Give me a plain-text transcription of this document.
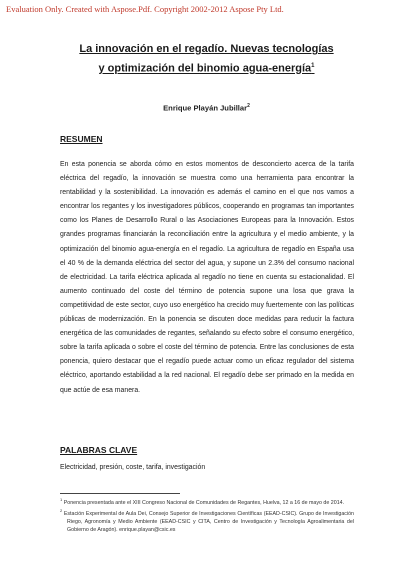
Evaluation Only. Created with Aspose.Pdf. Copyright 2002-2012 Aspose Pty Ltd.
La innovación en el regadío. Nuevas tecnologías
y optimización del binomio agua-energía$^1$
Enrique Playán Jubillar$^2$
RESUMEN

En esta ponencia se aborda cómo en estos momentos de desconcierto acerca de la tarifa eléctrica del regadío, la innovación se muestra como una herramienta para encontrar la rentabilidad y la sostenibilidad. La innovación es además el camino en el que nos vamos a encontrar los regantes y los investigadores públicos, cooperando en programas tan importantes como los Planes de Desarrollo Rural o las Asociaciones Europeas para la Innovación. Estos grandes programas financiarán la reconciliación entre la agricultura y el medio ambiente, y la optimización del binomio agua-energía en el regadío. La agricultura de regadío en España usa el 40 % de la demanda eléctrica del sector del agua, y supone un 2.3% del consumo nacional de electricidad. La tarifa eléctrica aplicada al regadío no tiene en cuenta su estacionalidad. El aumento continuado del coste del término de potencia supone una losa que grava la competitividad de este sector, cuyo uso energético ha crecido muy fuertemente con las políticas públicas de modernización. En la ponencia se discuten doce medidas para reducir la factura energética de las comunidades de regantes, señalando su efecto sobre el consumo energético, sobre la tarifa aplicada o sobre el coste del término de potencia. Entre las conclusiones de esta ponencia, quiero destacar que el regadío puede actuar como un eficaz regulador del sistema eléctrico, aportando estabilidad a la red nacional. El regadío debe ser primado en la medida en que actúe de esa manera.

PALABRAS CLAVE
Electricidad, presión, coste, tarifa, investigación

$^1$ Ponencia presentada ante el XIII Congreso Nacional de Comunidades de Regantes, Huelva, 12 a 16 de mayo de 2014.

$^2$ Estación Experimental de Aula Dei, Consejo Superior de Investigaciones Científicas (EEAD-CSIC). Grupo de Investigación Riego, Agronomía y Medio Ambiente (EEAD-CSIC y CITA, Centro de Investigación y Tecnología Agroalimentaria del Gobierno de Aragón). enrique.playan@csic.es
